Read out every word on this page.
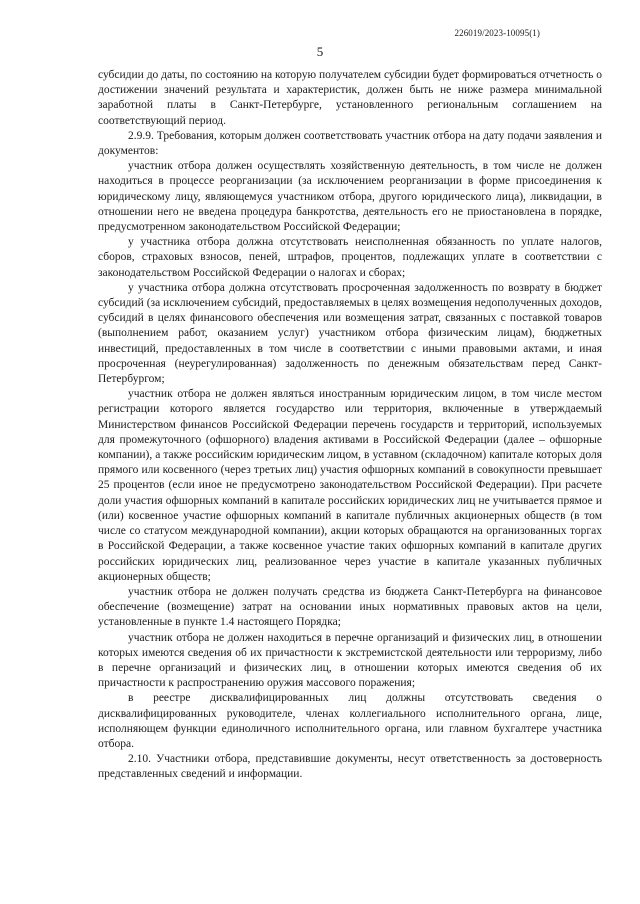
226019/2023-10095(1)
5

субсидии до даты, по состоянию на которую получателем субсидии будет формироваться отчетность о достижении значений результата и характеристик, должен быть не ниже размера минимальной заработной платы в Санкт-Петербурге, установленного региональным соглашением на соответствующий период.

2.9.9. Требования, которым должен соответствовать участник отбора на дату подачи заявления и документов:

участник отбора должен осуществлять хозяйственную деятельность, в том числе не должен находиться в процессе реорганизации (за исключением реорганизации в форме присоединения к юридическому лицу, являющемуся участником отбора, другого юридического лица), ликвидации, в отношении него не введена процедура банкротства, деятельность его не приостановлена в порядке, предусмотренном законодательством Российской Федерации;

у участника отбора должна отсутствовать неисполненная обязанность по уплате налогов, сборов, страховых взносов, пеней, штрафов, процентов, подлежащих уплате в соответствии с законодательством Российской Федерации о налогах и сборах;

у участника отбора должна отсутствовать просроченная задолженность по возврату в бюджет субсидий (за исключением субсидий, предоставляемых в целях возмещения недополученных доходов, субсидий в целях финансового обеспечения или возмещения затрат, связанных с поставкой товаров (выполнением работ, оказанием услуг) участником отбора физическим лицам), бюджетных инвестиций, предоставленных в том числе в соответствии с иными правовыми актами, и иная просроченная (неурегулированная) задолженность по денежным обязательствам перед Санкт-Петербургом;

участник отбора не должен являться иностранным юридическим лицом, в том числе местом регистрации которого является государство или территория, включенные в утверждаемый Министерством финансов Российской Федерации перечень государств и территорий, используемых для промежуточного (офшорного) владения активами в Российской Федерации (далее – офшорные компании), а также российским юридическим лицом, в уставном (складочном) капитале которых доля прямого или косвенного (через третьих лиц) участия офшорных компаний в совокупности превышает 25 процентов (если иное не предусмотрено законодательством Российской Федерации). При расчете доли участия офшорных компаний в капитале российских юридических лиц не учитывается прямое и (или) косвенное участие офшорных компаний в капитале публичных акционерных обществ (в том числе со статусом международной компании), акции которых обращаются на организованных торгах в Российской Федерации, а также косвенное участие таких офшорных компаний в капитале других российских юридических лиц, реализованное через участие в капитале указанных публичных акционерных обществ;

участник отбора не должен получать средства из бюджета Санкт-Петербурга на финансовое обеспечение (возмещение) затрат на основании иных нормативных правовых актов на цели, установленные в пункте 1.4 настоящего Порядка;

участник отбора не должен находиться в перечне организаций и физических лиц, в отношении которых имеются сведения об их причастности к экстремистской деятельности или терроризму, либо в перечне организаций и физических лиц, в отношении которых имеются сведения об их причастности к распространению оружия массового поражения;

в реестре дисквалифицированных лиц должны отсутствовать сведения о дисквалифицированных руководителе, членах коллегиального исполнительного органа, лице, исполняющем функции единоличного исполнительного органа, или главном бухгалтере участника отбора.

2.10. Участники отбора, представившие документы, несут ответственность за достоверность представленных сведений и информации.
